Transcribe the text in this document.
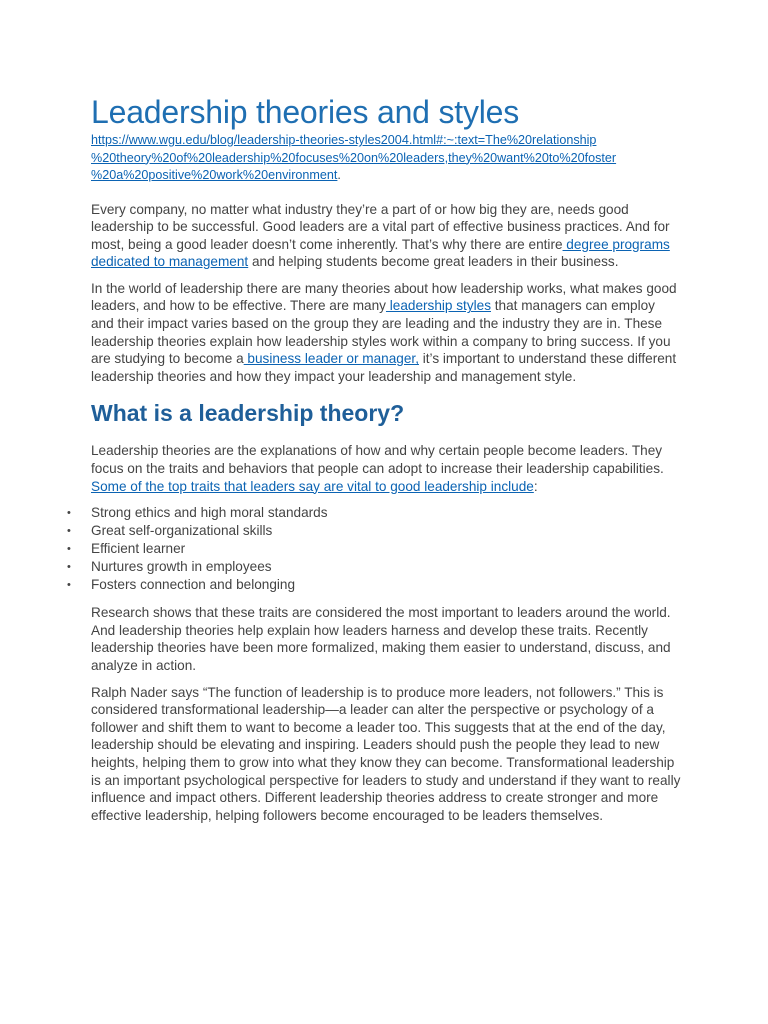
Leadership theories and styles
https://www.wgu.edu/blog/leadership-theories-styles2004.html#:~:text=The%20relationship
%20theory%20of%20leadership%20focuses%20on%20leaders,they%20want%20to%20foster
%20a%20positive%20work%20environment.

Every company, no matter what industry they’re a part of or how big they are, needs good leadership to be successful. Good leaders are a vital part of effective business practices. And for most, being a good leader doesn’t come inherently. That’s why there are entire degree programs dedicated to management and helping students become great leaders in their business.

In the world of leadership there are many theories about how leadership works, what makes good leaders, and how to be effective. There are many leadership styles that managers can employ and their impact varies based on the group they are leading and the industry they are in. These leadership theories explain how leadership styles work within a company to bring success. If you are studying to become a business leader or manager, it’s important to understand these different leadership theories and how they impact your leadership and management style.

What is a leadership theory?

Leadership theories are the explanations of how and why certain people become leaders. They focus on the traits and behaviors that people can adopt to increase their leadership capabilities. Some of the top traits that leaders say are vital to good leadership include:

• Strong ethics and high moral standards
• Great self-organizational skills
• Efficient learner
• Nurtures growth in employees
• Fosters connection and belonging

Research shows that these traits are considered the most important to leaders around the world. And leadership theories help explain how leaders harness and develop these traits. Recently leadership theories have been more formalized, making them easier to understand, discuss, and analyze in action.

Ralph Nader says “The function of leadership is to produce more leaders, not followers.” This is considered transformational leadership—a leader can alter the perspective or psychology of a follower and shift them to want to become a leader too. This suggests that at the end of the day, leadership should be elevating and inspiring. Leaders should push the people they lead to new heights, helping them to grow into what they know they can become. Transformational leadership is an important psychological perspective for leaders to study and understand if they want to really influence and impact others. Different leadership theories address to create stronger and more effective leadership, helping followers become encouraged to be leaders themselves.
